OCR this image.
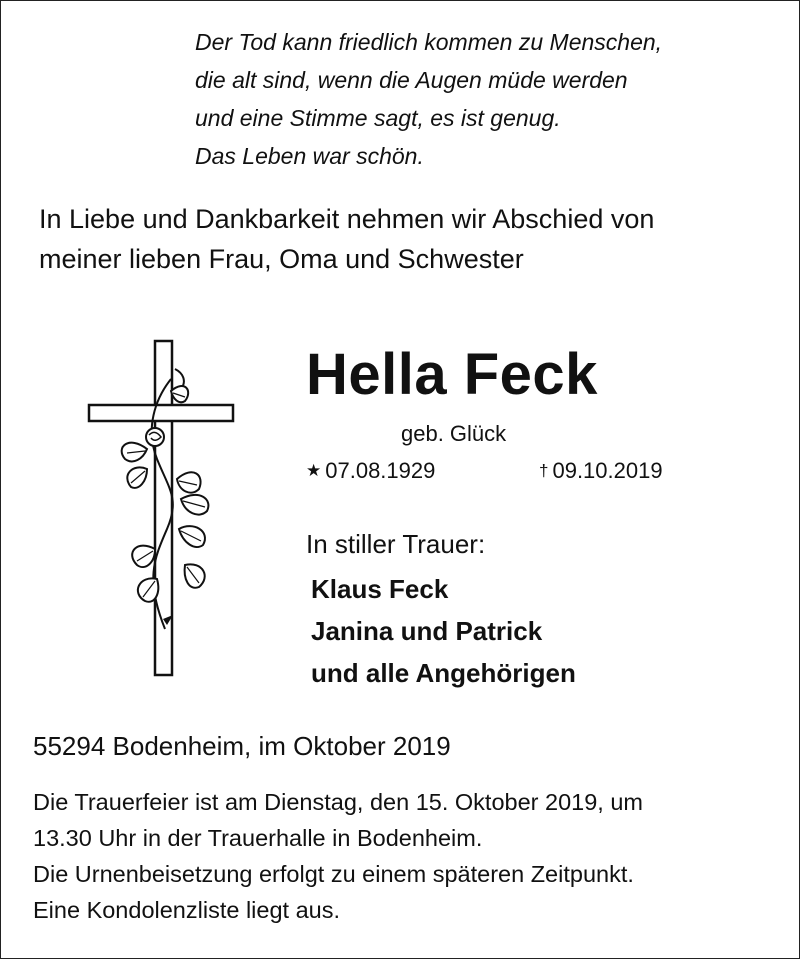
Der Tod kann friedlich kommen zu Menschen,
die alt sind, wenn die Augen müde werden
und eine Stimme sagt, es ist genug.
Das Leben war schön.
In Liebe und Dankbarkeit nehmen wir Abschied von
meiner lieben Frau, Oma und Schwester
Hella Feck
geb. Glück
★ 07.08.1929	† 09.10.2019
In stiller Trauer:
Klaus Feck
Janina und Patrick
und alle Angehörigen
55294 Bodenheim, im Oktober 2019
Die Trauerfeier ist am Dienstag, den 15. Oktober 2019, um
13.30 Uhr in der Trauerhalle in Bodenheim.
Die Urnenbeisetzung erfolgt zu einem späteren Zeitpunkt.
Eine Kondolenzliste liegt aus.
